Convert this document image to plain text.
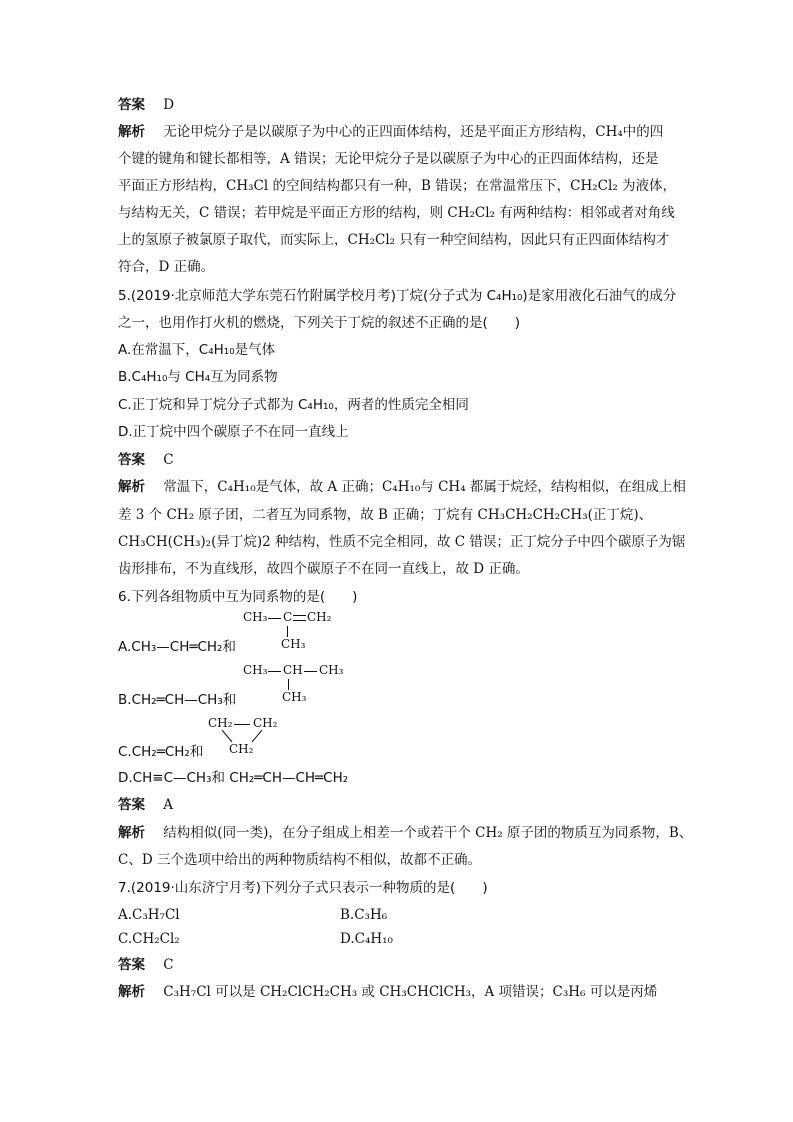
答案 D
解析 无论甲烷分子是以碳原子为中心的正四面体结构，还是平面正方形结构，CH₄中的四
个键的键角和键长都相等，A 错误；无论甲烷分子是以碳原子为中心的正四面体结构，还是
平面正方形结构，CH₃Cl 的空间结构都只有一种，B 错误；在常温常压下，CH₂Cl₂ 为液体，
与结构无关，C 错误；若甲烷是平面正方形的结构，则 CH₂Cl₂ 有两种结构：相邻或者对角线
上的氢原子被氯原子取代，而实际上，CH₂Cl₂ 只有一种空间结构，因此只有正四面体结构才
符合，D 正确。
5.(2019·北京师范大学东莞石竹附属学校月考)丁烷(分子式为 C₄H₁₀)是家用液化石油气的成分
之一，也用作打火机的燃烧，下列关于丁烷的叙述不正确的是(　　)
A.在常温下，C₄H₁₀是气体
B.C₄H₁₀与 CH₄互为同系物
C.正丁烷和异丁烷分子式都为 C₄H₁₀，两者的性质完全相同
D.正丁烷中四个碳原子不在同一直线上
答案 C
解析 常温下，C₄H₁₀是气体，故 A 正确；C₄H₁₀与 CH₄ 都属于烷烃，结构相似，在组成上相
差 3 个 CH₂ 原子团，二者互为同系物，故 B 正确；丁烷有 CH₃CH₂CH₂CH₃(正丁烷)、
CH₃CH(CH₃)₂(异丁烷)2 种结构，性质不完全相同，故 C 错误；正丁烷分子中四个碳原子为锯
齿形排布，不为直线形，故四个碳原子不在同一直线上，故 D 正确。
6.下列各组物质中互为同系物的是(　　)
CH₃ C CH₂
CH₃
A.CH₃—CH═CH₂和
CH₃ CH CH₃
CH₃
B.CH₂═CH—CH₃和
CH₂ CH₂
CH₂
C.CH₂═CH₂和
D.CH≡C—CH₃和 CH₂═CH—CH═CH₂
答案 A
解析 结构相似(同一类)，在分子组成上相差一个或若干个 CH₂ 原子团的物质互为同系物，B、
C、D 三个选项中给出的两种物质结构不相似，故都不正确。
7.(2019·山东济宁月考)下列分子式只表示一种物质的是(　　)
A.C₃H₇Cl	B.C₃H₆
C.CH₂Cl₂	D.C₄H₁₀
答案 C
解析 C₃H₇Cl 可以是 CH₂ClCH₂CH₃ 或 CH₃CHClCH₃，A 项错误；C₃H₆ 可以是丙烯
